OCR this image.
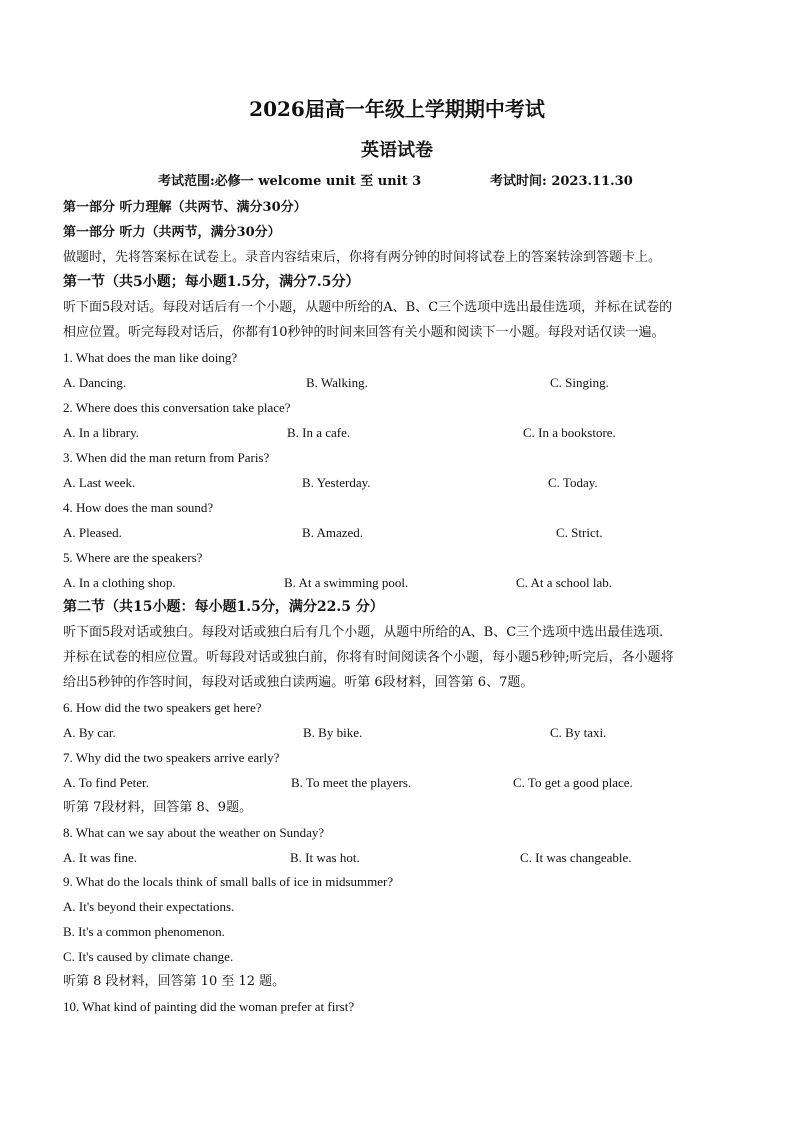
2026届高一年级上学期期中考试
英语试卷
考试范围:必修一 welcome unit 至 unit 3	考试时间: 2023.11.30
第一部分 听力理解（共两节、满分30分）
第一部分 听力（共两节，满分30分）
做题时，先将答案标在试卷上。录音内容结束后，你将有两分钟的时间将试卷上的答案转涂到答题卡上。
第一节（共5小题；每小题1.5分，满分7.5分）
听下面5段对话。每段对话后有一个小题，从题中所给的A、B、C三个选项中选出最佳选项，并标在试卷的
相应位置。听完每段对话后，你都有10秒钟的时间来回答有关小题和阅读下一小题。每段对话仅读一遍。
1. What does the man like doing?
A. Dancing.	B. Walking.	C. Singing.
2. Where does this conversation take place?
A. In a library.	B. In a cafe.	C. In a bookstore.
3. When did the man return from Paris?
A. Last week.	B. Yesterday.	C. Today.
4. How does the man sound?
A. Pleased.	B. Amazed.	C. Strict.
5. Where are the speakers?
A. In a clothing shop.	B. At a swimming pool.	C. At a school lab.
第二节（共15小题：每小题1.5分，满分22.5 分）
听下面5段对话或独白。每段对话或独白后有几个小题，从题中所给的A、B、C三个选项中选出最佳选项.
并标在试卷的相应位置。听每段对话或独白前，你将有时间阅读各个小题，每小题5秒钟;听完后，各小题将
给出5秒钟的作答时间，每段对话或独白读两遍。听第 6段材料，回答第 6、7题。
6. How did the two speakers get here?
A. By car.	B. By bike.	C. By taxi.
7. Why did the two speakers arrive early?
A. To find Peter.	B. To meet the players.	C. To get a good place.
听第 7段材料，回答第 8、9题。
8. What can we say about the weather on Sunday?
A. It was fine.	B. It was hot.	C. It was changeable.
9. What do the locals think of small balls of ice in midsummer?
A. It's beyond their expectations.
B. It's a common phenomenon.
C. It's caused by climate change.
听第 8 段材料，回答第 10 至 12 题。
10. What kind of painting did the woman prefer at first?
